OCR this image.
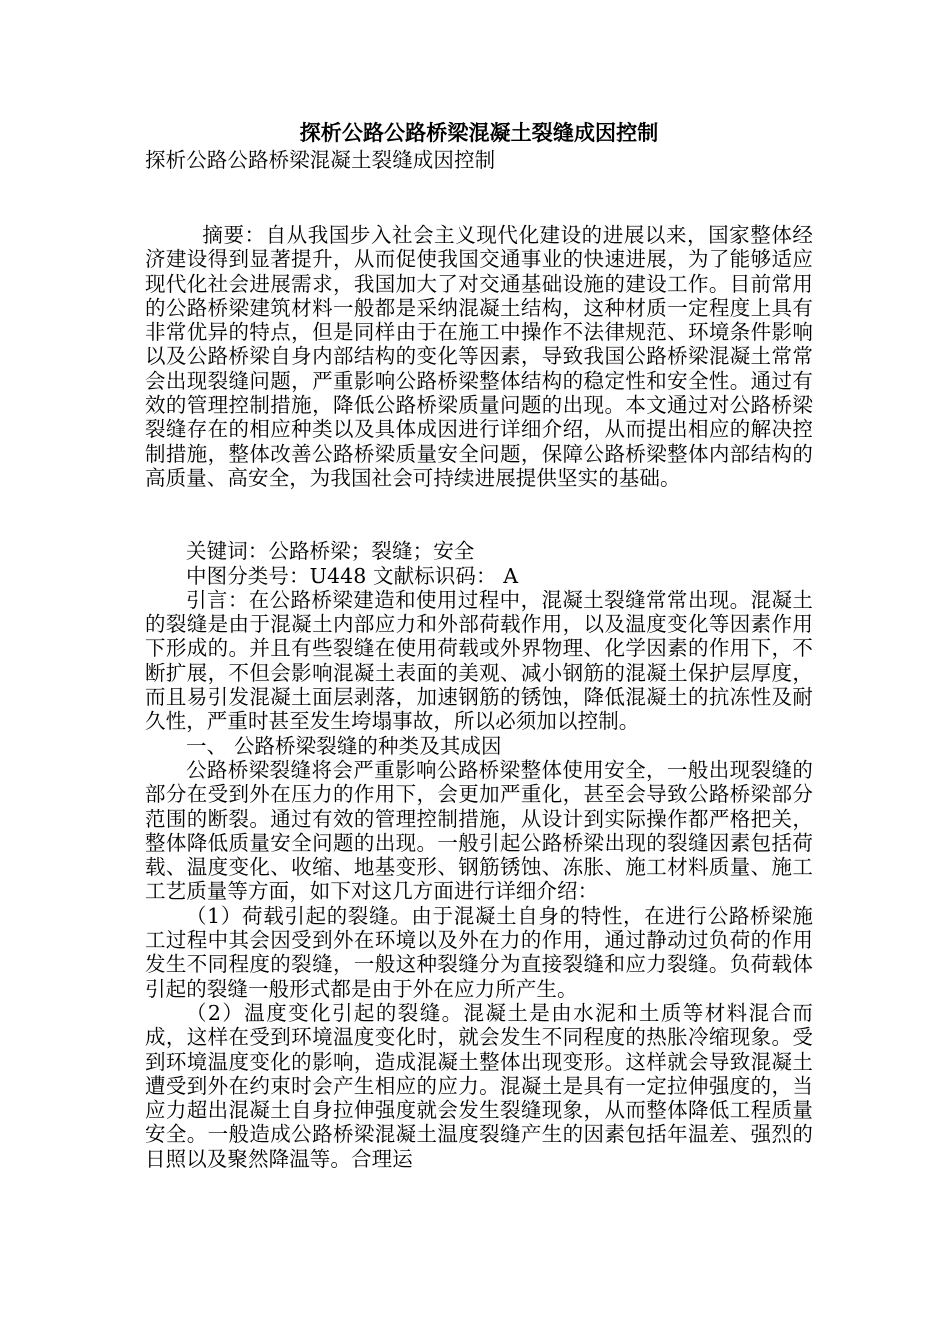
探析公路公路桥梁混凝土裂缝成因控制

探析公路公路桥梁混凝土裂缝成因控制

摘要：自从我国步入社会主义现代化建设的进展以来，国家整体经济建设得到显著提升，从而促使我国交通事业的快速进展，为了能够适应现代化社会进展需求，我国加大了对交通基础设施的建设工作。目前常用的公路桥梁建筑材料一般都是采纳混凝土结构，这种材质一定程度上具有非常优异的特点，但是同样由于在施工中操作不法律规范、环境条件影响以及公路桥梁自身内部结构的变化等因素，导致我国公路桥梁混凝土常常会出现裂缝问题，严重影响公路桥梁整体结构的稳定性和安全性。通过有效的管理控制措施，降低公路桥梁质量问题的出现。本文通过对公路桥梁裂缝存在的相应种类以及具体成因进行详细介绍，从而提出相应的解决控制措施，整体改善公路桥梁质量安全问题，保障公路桥梁整体内部结构的高质量、高安全，为我国社会可持续进展提供坚实的基础。

关键词：公路桥梁；裂缝；安全

中图分类号：U448 文献标识码： A

引言：在公路桥梁建造和使用过程中，混凝土裂缝常常出现。混凝土的裂缝是由于混凝土内部应力和外部荷载作用，以及温度变化等因素作用下形成的。并且有些裂缝在使用荷载或外界物理、化学因素的作用下，不断扩展，不但会影响混凝土表面的美观、减小钢筋的混凝土保护层厚度，而且易引发混凝土面层剥落，加速钢筋的锈蚀，降低混凝土的抗冻性及耐久性，严重时甚至发生垮塌事故，所以必须加以控制。

一、 公路桥梁裂缝的种类及其成因

公路桥梁裂缝将会严重影响公路桥梁整体使用安全，一般出现裂缝的部分在受到外在压力的作用下，会更加严重化，甚至会导致公路桥梁部分范围的断裂。通过有效的管理控制措施，从设计到实际操作都严格把关，整体降低质量安全问题的出现。一般引起公路桥梁出现的裂缝因素包括荷载、温度变化、收缩、地基变形、钢筋锈蚀、冻胀、施工材料质量、施工工艺质量等方面，如下对这几方面进行详细介绍：

（1）荷载引起的裂缝。由于混凝土自身的特性，在进行公路桥梁施工过程中其会因受到外在环境以及外在力的作用，通过静动过负荷的作用发生不同程度的裂缝，一般这种裂缝分为直接裂缝和应力裂缝。负荷载体引起的裂缝一般形式都是由于外在应力所产生。

（2）温度变化引起的裂缝。混凝土是由水泥和土质等材料混合而成，这样在受到环境温度变化时，就会发生不同程度的热胀冷缩现象。受到环境温度变化的影响，造成混凝土整体出现变形。这样就会导致混凝土遭受到外在约束时会产生相应的应力。混凝土是具有一定拉伸强度的，当应力超出混凝土自身拉伸强度就会发生裂缝现象，从而整体降低工程质量安全。一般造成公路桥梁混凝土温度裂缝产生的因素包括年温差、强烈的日照以及聚然降温等。合理运
